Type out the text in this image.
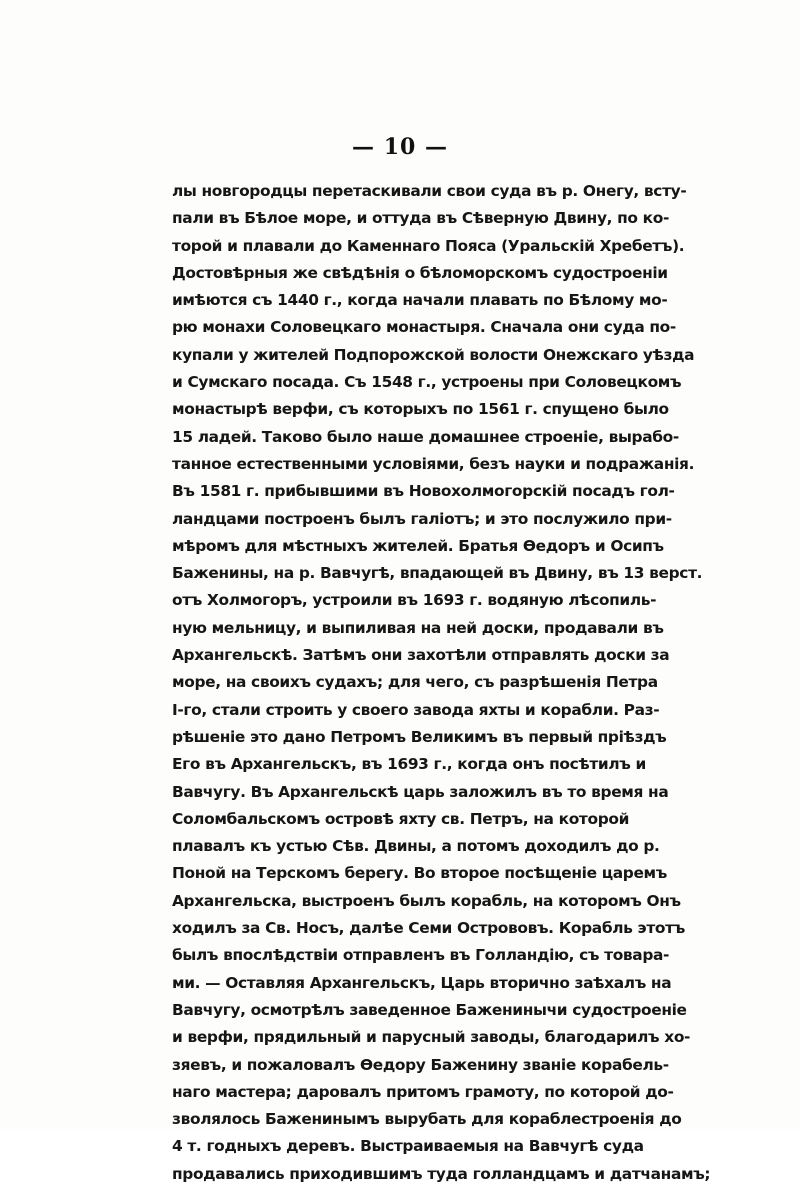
— 10 —
лы новгородцы перетаскивали свои суда въ р. Онегу, всту-
пали въ Бѣлое море, и оттуда въ Сѣверную Двину, по ко-
торой и плавали до Каменнаго Пояса (Уральскій Хребетъ).
Достовѣрныя же свѣдѣнія о бѣломорскомъ судостроеніи
имѣются съ 1440 г., когда начали плавать по Бѣлому мо-
рю монахи Соловецкаго монастыря. Сначала они суда по-
купали у жителей Подпорожской волости Онежскаго уѣзда
и Сумскаго посада. Съ 1548 г., устроены при Соловецкомъ
монастырѣ верфи, съ которыхъ по 1561 г. спущено было
15 ладей. Таково было наше домашнее строеніе, вырабо-
танное естественными условіями, безъ науки и подражанія.
Въ 1581 г. прибывшими въ Новохолмогорскій посадъ гол-
ландцами построенъ былъ галіотъ; и это послужило при-
мѣромъ для мѣстныхъ жителей. Братья Ѳедоръ и Осипъ
Баженины, на р. Вавчугѣ, впадающей въ Двину, въ 13 верст.
отъ Холмогоръ, устроили въ 1693 г. водяную лѣсопиль-
ную мельницу, и выпиливая на ней доски, продавали въ
Архангельскѣ. Затѣмъ они захотѣли отправлять доски за
море, на своихъ судахъ; для чего, съ разрѣшенія Петра
I-го, стали строить у своего завода яхты и корабли. Раз-
рѣшеніе это дано Петромъ Великимъ въ первый пріѣздъ
Его въ Архангельскъ, въ 1693 г., когда онъ посѣтилъ и
Вавчугу. Въ Архангельскѣ царь заложилъ въ то время на
Соломбальскомъ островѣ яхту св. Петръ, на которой
плавалъ къ устью Сѣв. Двины, а потомъ доходилъ до р.
Поной на Терскомъ берегу. Во второе посѣщеніе царемъ
Архангельска, выстроенъ былъ корабль, на которомъ Онъ
ходилъ за Св. Носъ, далѣе Семи Острововъ. Корабль этотъ
былъ впослѣдствіи отправленъ въ Голландію, съ товара-
ми. — Оставляя Архангельскъ, Царь вторично заѣхалъ на
Вавчугу, осмотрѣлъ заведенное Баженинычи судостроеніе
и верфи, прядильный и парусный заводы, благодарилъ хо-
зяевъ, и пожаловалъ Ѳедору Баженину званіе корабель-
наго мастера; даровалъ притомъ грамоту, по которой до-
зволялось Баженинымъ вырубать для кораблестроенія до
4 т. годныхъ деревъ. Выстраиваемыя на Вавчугѣ суда
продавались приходившимъ туда голландцамъ и датчанамъ;
